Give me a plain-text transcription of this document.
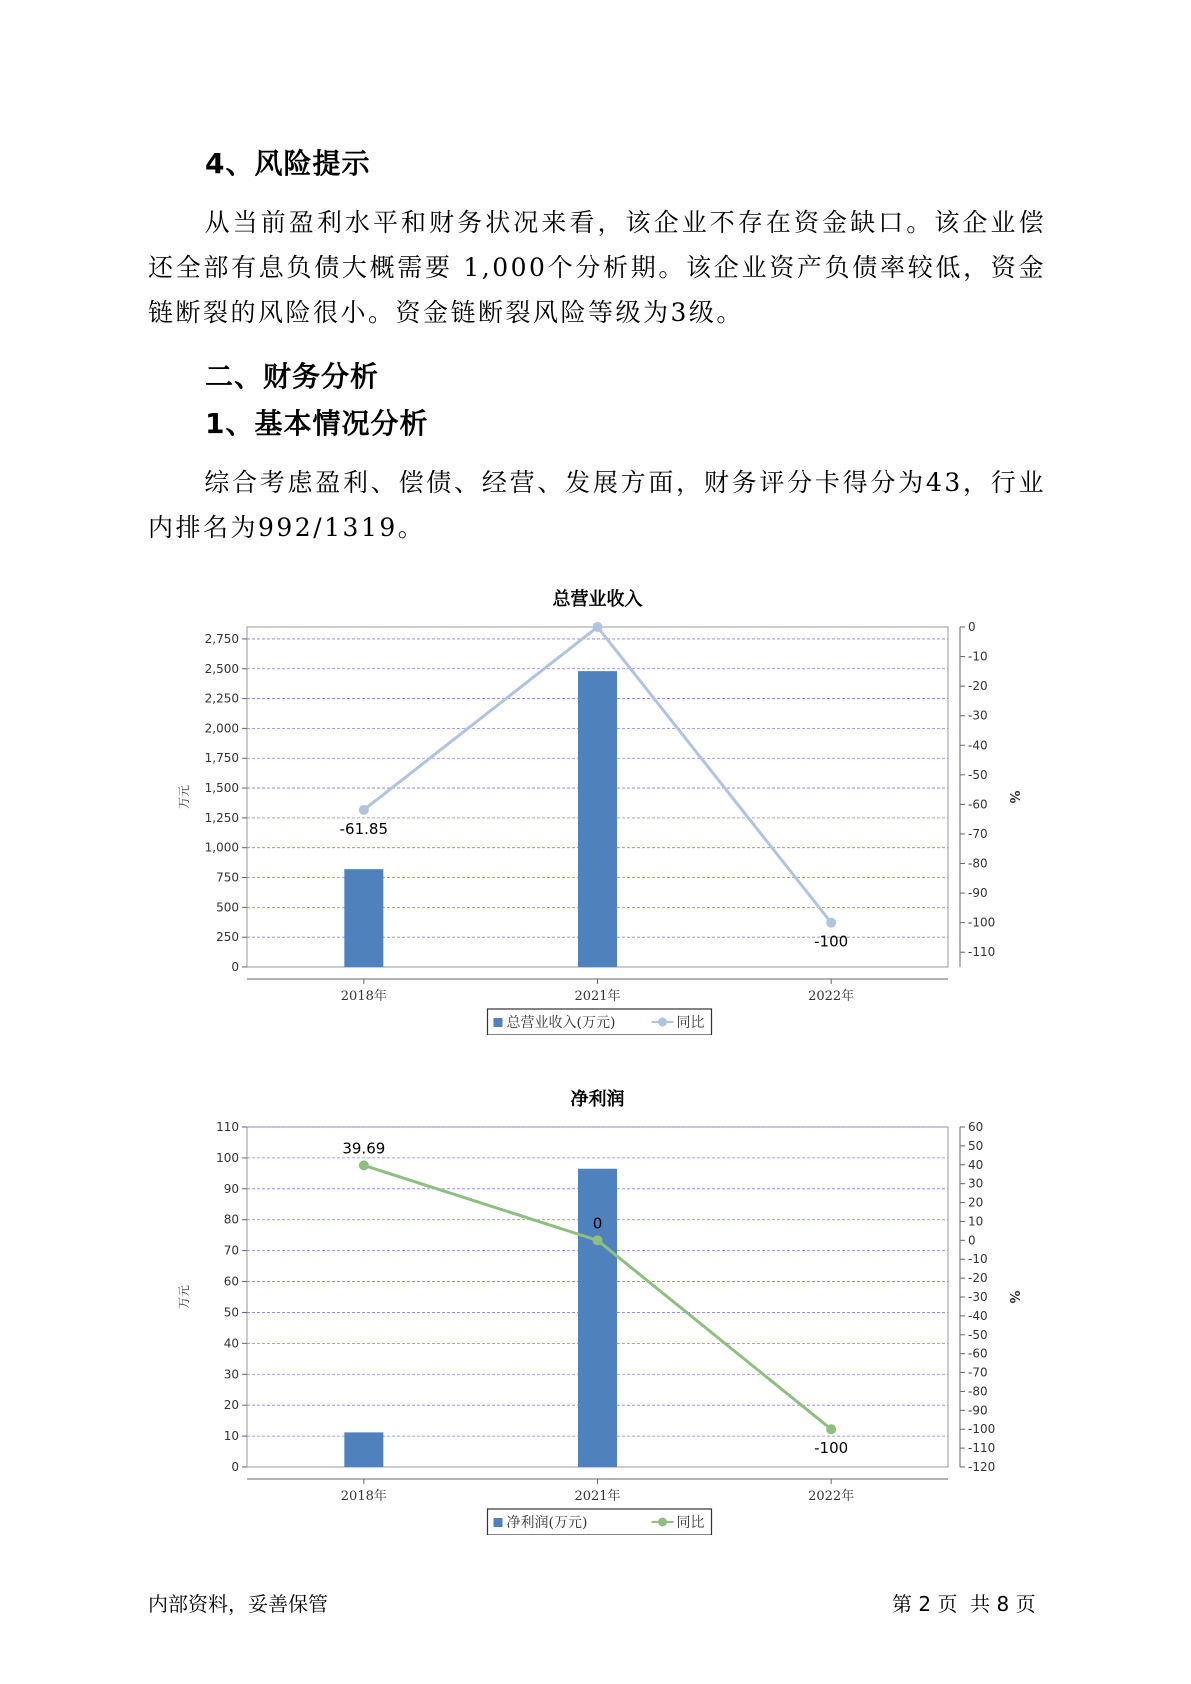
4、风险提示
从当前盈利水平和财务状况来看，该企业不存在资金缺口。该企业偿还全部有息负债大概需要 1,000个分析期。该企业资产负债率较低，资金链断裂的风险很小。资金链断裂风险等级为3级。
二、财务分析
1、基本情况分析
综合考虑盈利、偿债、经营、发展方面，财务评分卡得分为43，行业内排名为992/1319。
总营业收入
0
250
500
750
1,000
1,250
1,500
1,750
2,000
2,250
2,500
2,750
0
-10
-20
-30
-40
-50
-60
-70
-80
-90
-100
-110
万元	%
2018年	2021年	2022年
-61.85
-100
总营业收入(万元)	同比
净利润
0
10
20
30
40
50
60
70
80
90
100
110	60
50
40
30
20
10
0
-10
-20
-30
-40
-50
-60
-70
-80
-90
-100
-110
-120
万元	%
2018年	2021年	2022年
39.69
0
-100
净利润(万元)	同比
内部资料，妥善保管	第 2 页  共 8 页
